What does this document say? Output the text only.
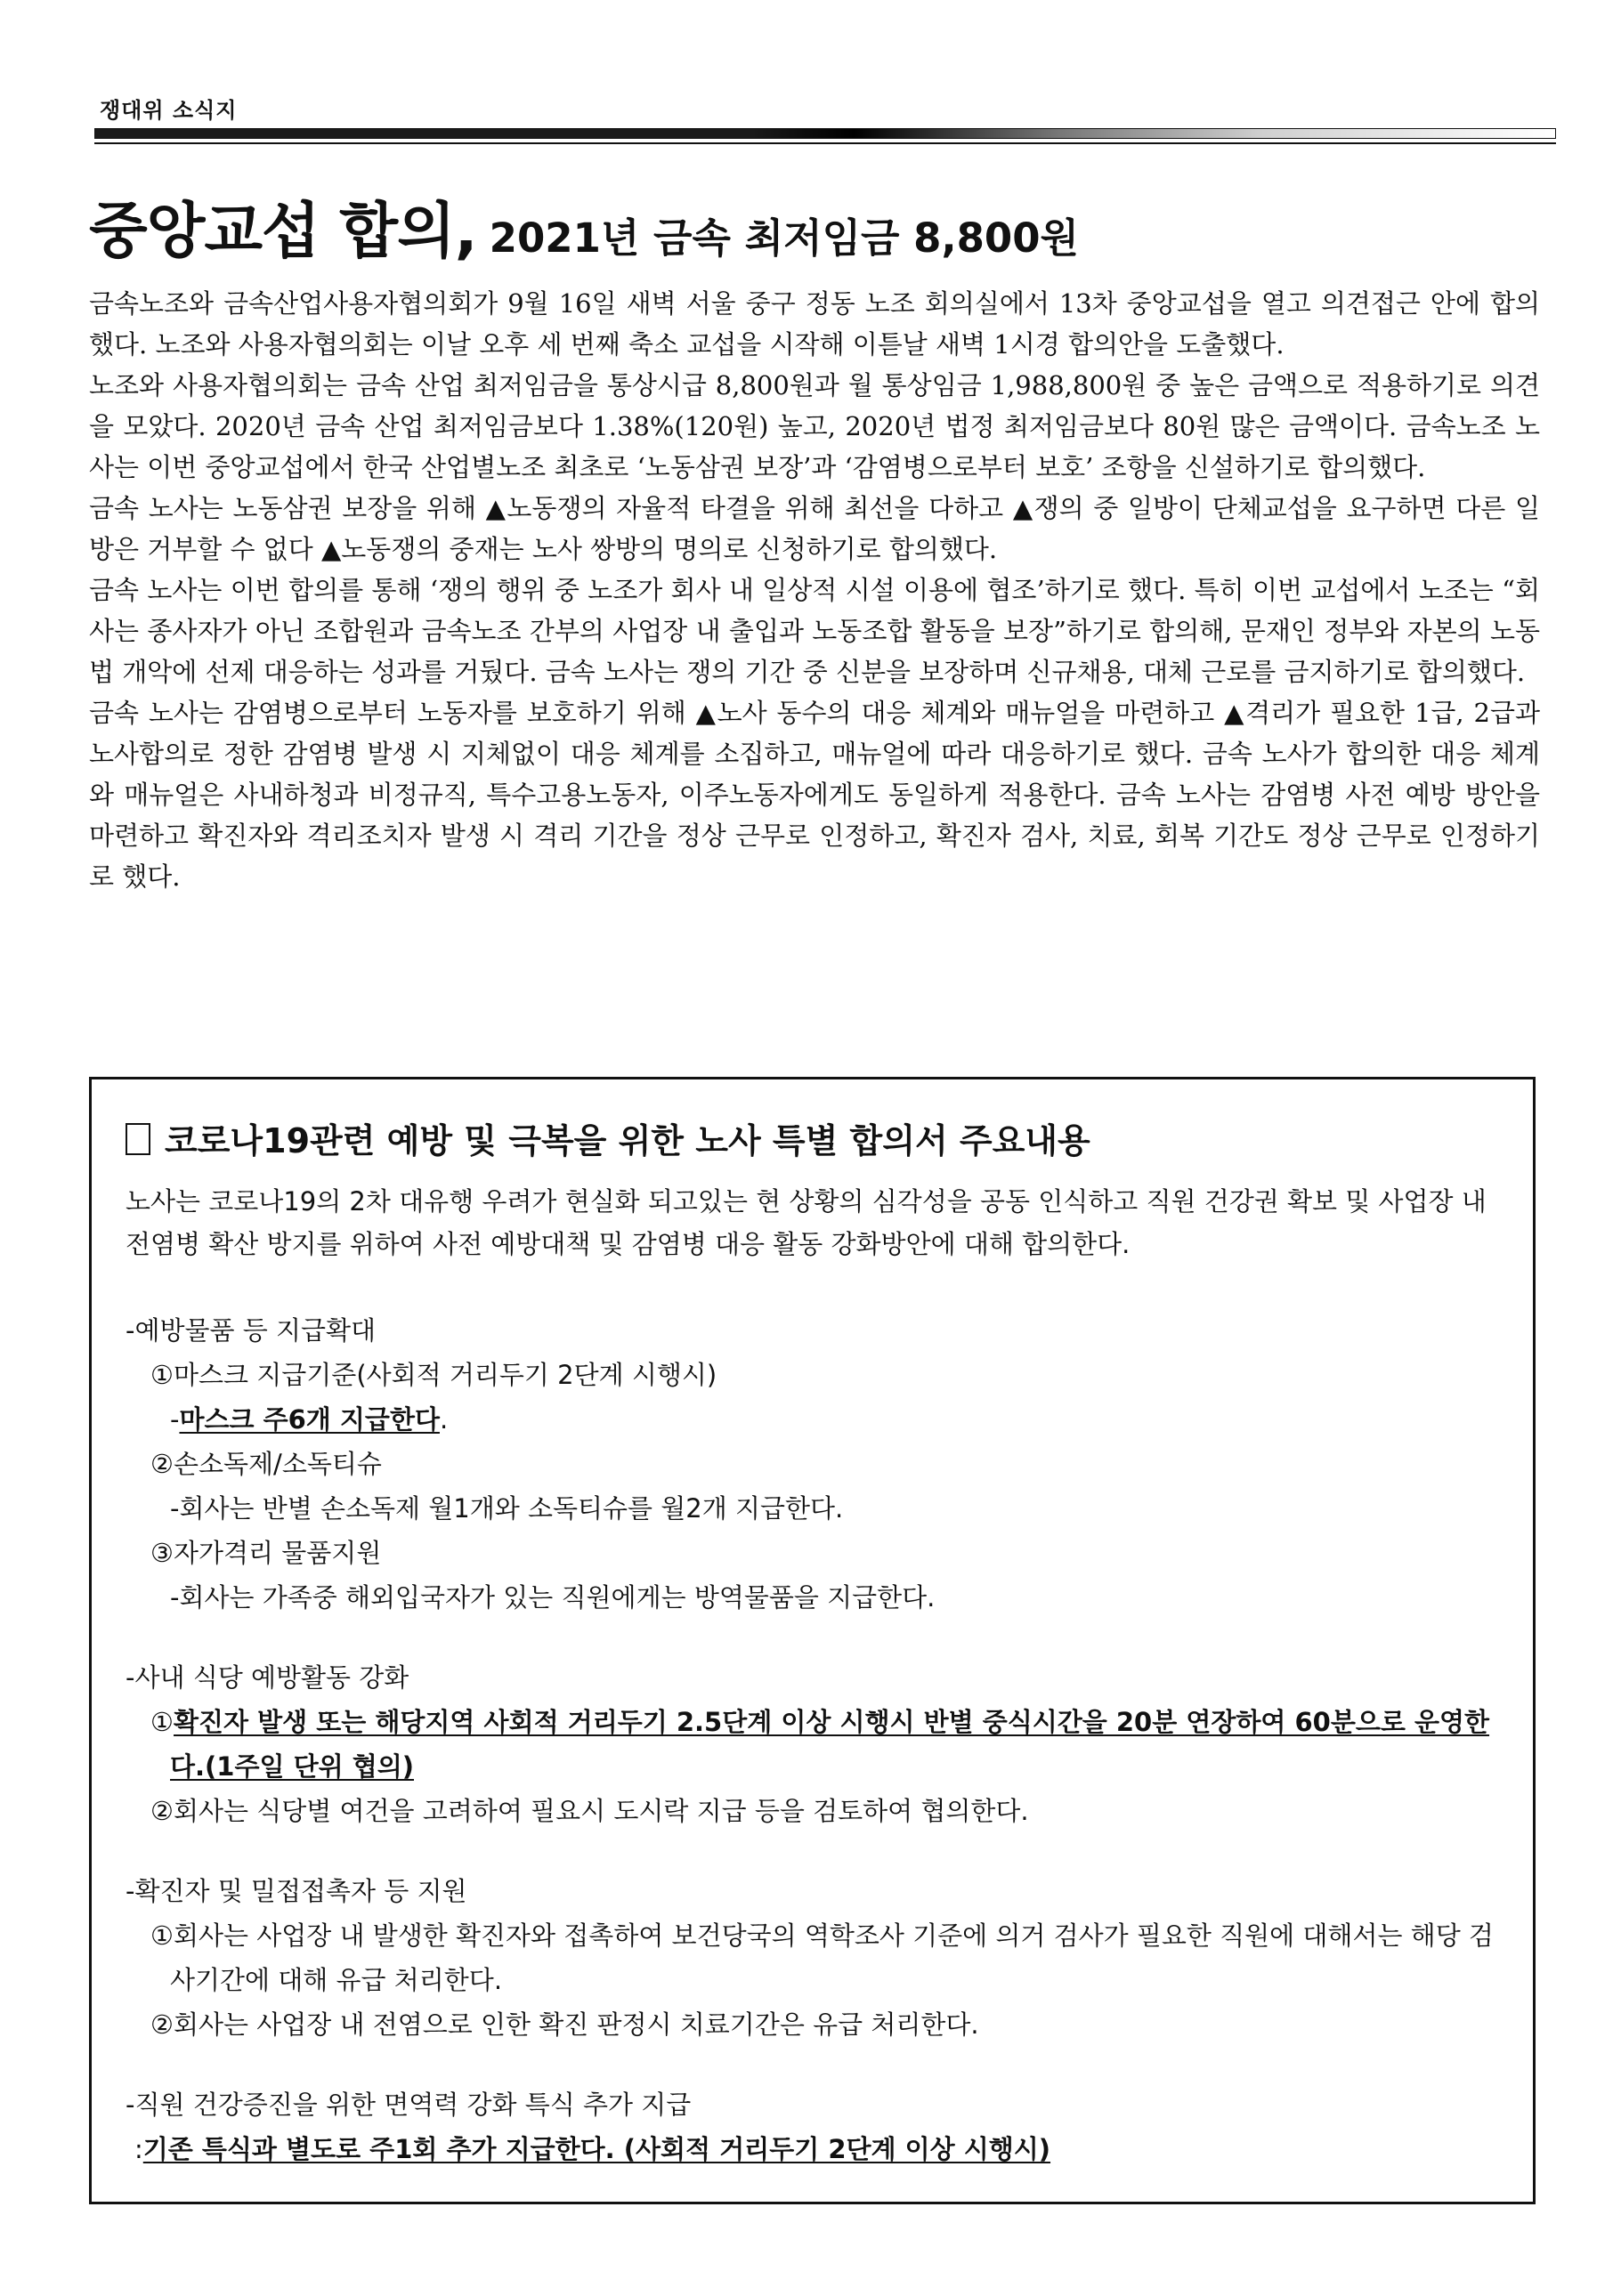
쟁대위 소식지
중앙교섭 합의, 2021년 금속 최저임금 8,800원

금속노조와 금속산업사용자협의회가 9월 16일 새벽 서울 중구 정동 노조 회의실에서 13차 중앙교섭을 열고 의견접근 안에 합의했다. 노조와 사용자협의회는 이날 오후 세 번째 축소 교섭을 시작해 이튿날 새벽 1시경 합의안을 도출했다.

노조와 사용자협의회는 금속 산업 최저임금을 통상시급 8,800원과 월 통상임금 1,988,800원 중 높은 금액으로 적용하기로 의견을 모았다. 2020년 금속 산업 최저임금보다 1.38%(120원) 높고, 2020년 법정 최저임금보다 80원 많은 금액이다. 금속노조 노사는 이번 중앙교섭에서 한국 산업별노조 최초로 ‘노동삼권 보장’과 ‘감염병으로부터 보호’ 조항을 신설하기로 합의했다.

금속 노사는 노동삼권 보장을 위해 ▲노동쟁의 자율적 타결을 위해 최선을 다하고 ▲쟁의 중 일방이 단체교섭을 요구하면 다른 일방은 거부할 수 없다 ▲노동쟁의 중재는 노사 쌍방의 명의로 신청하기로 합의했다.

금속 노사는 이번 합의를 통해 ‘쟁의 행위 중 노조가 회사 내 일상적 시설 이용에 협조’하기로 했다. 특히 이번 교섭에서 노조는 “회사는 종사자가 아닌 조합원과 금속노조 간부의 사업장 내 출입과 노동조합 활동을 보장”하기로 합의해, 문재인 정부와 자본의 노동법 개악에 선제 대응하는 성과를 거뒀다. 금속 노사는 쟁의 기간 중 신분을 보장하며 신규채용, 대체 근로를 금지하기로 합의했다.

금속 노사는 감염병으로부터 노동자를 보호하기 위해 ▲노사 동수의 대응 체계와 매뉴얼을 마련하고 ▲격리가 필요한 1급, 2급과 노사합의로 정한 감염병 발생 시 지체없이 대응 체계를 소집하고, 매뉴얼에 따라 대응하기로 했다. 금속 노사가 합의한 대응 체계와 매뉴얼은 사내하청과 비정규직, 특수고용노동자, 이주노동자에게도 동일하게 적용한다. 금속 노사는 감염병 사전 예방 방안을 마련하고 확진자와 격리조치자 발생 시 격리 기간을 정상 근무로 인정하고, 확진자 검사, 치료, 회복 기간도 정상 근무로 인정하기로 했다.

코로나19관련 예방 및 극복을 위한 노사 특별 합의서 주요내용

노사는 코로나19의 2차 대유행 우려가 현실화 되고있는 현 상황의 심각성을 공동 인식하고 직원 건강권 확보 및 사업장 내 전염병 확산 방지를 위하여 사전 예방대책 및 감염병 대응 활동 강화방안에 대해 합의한다.

-예방물품 등 지급확대

①마스크 지급기준(사회적 거리두기 2단계 시행시)

-마스크 주6개 지급한다.

②손소독제/소독티슈

-회사는 반별 손소독제 월1개와 소독티슈를 월2개 지급한다.

③자가격리 물품지원

-회사는 가족중 해외입국자가 있는 직원에게는 방역물품을 지급한다.

-사내 식당 예방활동 강화

①확진자 발생 또는 해당지역 사회적 거리두기 2.5단계 이상 시행시 반별 중식시간을 20분 연장하여 60분으로 운영한다.(1주일 단위 협의)

②회사는 식당별 여건을 고려하여 필요시 도시락 지급 등을 검토하여 협의한다.

-확진자 및 밀접접촉자 등 지원

①회사는 사업장 내 발생한 확진자와 접촉하여 보건당국의 역학조사 기준에 의거 검사가 필요한 직원에 대해서는 해당 검사기간에 대해 유급 처리한다.

②회사는 사업장 내 전염으로 인한 확진 판정시 치료기간은 유급 처리한다.

-직원 건강증진을 위한 면역력 강화 특식 추가 지급

:기존 특식과 별도로 주1회 추가 지급한다. (사회적 거리두기 2단계 이상 시행시)
